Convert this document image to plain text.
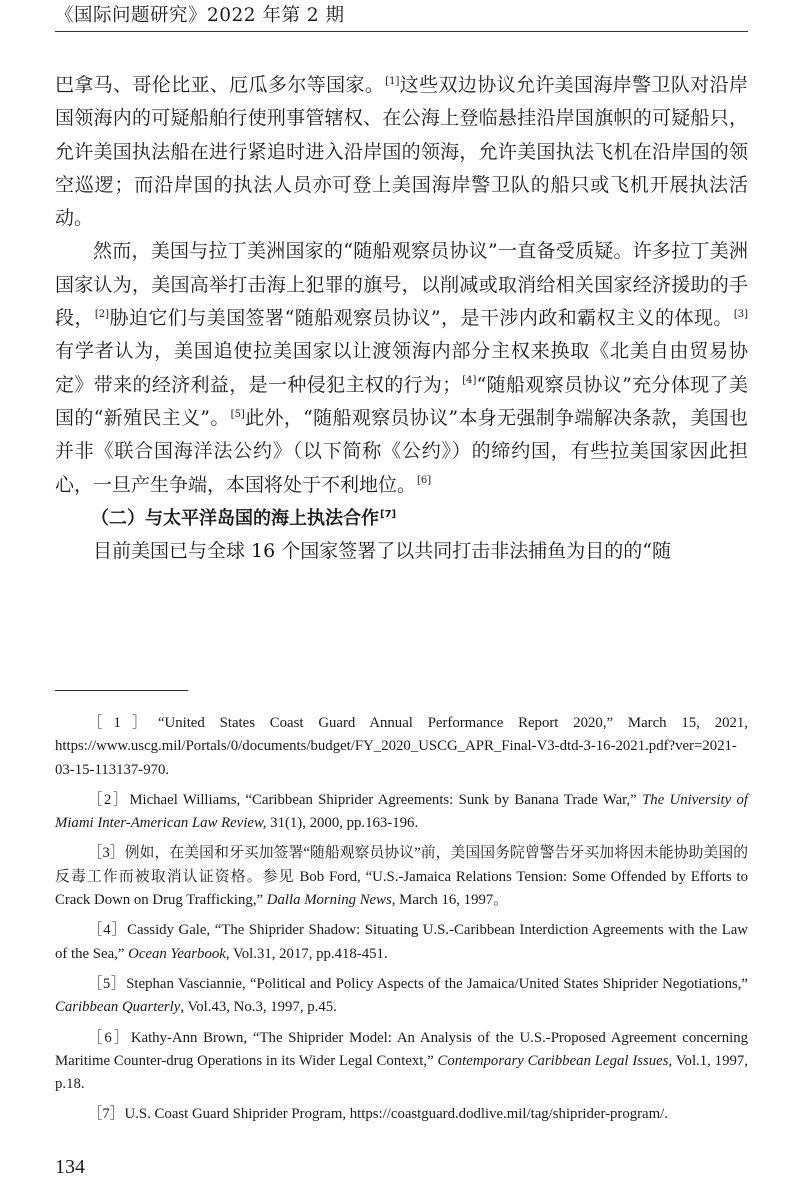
《国际问题研究》2022 年第 2 期

巴拿马、哥伦比亚、厄瓜多尔等国家。[1]这些双边协议允许美国海岸警卫队对沿岸国领海内的可疑船舶行使刑事管辖权、在公海上登临悬挂沿岸国旗帜的可疑船只，允许美国执法船在进行紧追时进入沿岸国的领海，允许美国执法飞机在沿岸国的领空巡逻；而沿岸国的执法人员亦可登上美国海岸警卫队的船只或飞机开展执法活动。

然而，美国与拉丁美洲国家的“随船观察员协议”一直备受质疑。许多拉丁美洲国家认为，美国高举打击海上犯罪的旗号，以削减或取消给相关国家经济援助的手段，[2]胁迫它们与美国签署“随船观察员协议”，是干涉内政和霸权主义的体现。[3]有学者认为，美国追使拉美国家以让渡领海内部分主权来换取《北美自由贸易协定》带来的经济利益，是一种侵犯主权的行为；[4]“随船观察员协议”充分体现了美国的“新殖民主义”。[5]此外，“随船观察员协议”本身无强制争端解决条款，美国也并非《联合国海洋法公约》（以下简称《公约》）的缔约国，有些拉美国家因此担心，一旦产生争端，本国将处于不利地位。[6]

（二）与太平洋岛国的海上执法合作[7]

目前美国已与全球 16 个国家签署了以共同打击非法捕鱼为目的的“随

［1］“United States Coast Guard Annual Performance Report 2020,” March 15, 2021, https://www.uscg.mil/Portals/0/documents/budget/FY_2020_USCG_APR_Final-V3-dtd-3-16-2021.pdf?ver=2021-03-15-113137-970.

［2］Michael Williams, “Caribbean Shiprider Agreements: Sunk by Banana Trade War,” The University of Miami Inter-American Law Review, 31(1), 2000, pp.163-196.

［3］例如，在美国和牙买加签署“随船观察员协议”前，美国国务院曾警告牙买加将因未能协助美国的反毒工作而被取消认证资格。参见 Bob Ford, “U.S.-Jamaica Relations Tension: Some Offended by Efforts to Crack Down on Drug Trafficking,” Dalla Morning News, March 16, 1997。

［4］Cassidy Gale, “The Shiprider Shadow: Situating U.S.-Caribbean Interdiction Agreements with the Law of the Sea,” Ocean Yearbook, Vol.31, 2017, pp.418-451.

［5］Stephan Vasciannie, “Political and Policy Aspects of the Jamaica/United States Shiprider Negotiations,” Caribbean Quarterly, Vol.43, No.3, 1997, p.45.

［6］Kathy-Ann Brown, “The Shiprider Model: An Analysis of the U.S.-Proposed Agreement concerning Maritime Counter-drug Operations in its Wider Legal Context,” Contemporary Caribbean Legal Issues, Vol.1, 1997, p.18.

［7］U.S. Coast Guard Shiprider Program, https://coastguard.dodlive.mil/tag/shiprider-program/.

134
